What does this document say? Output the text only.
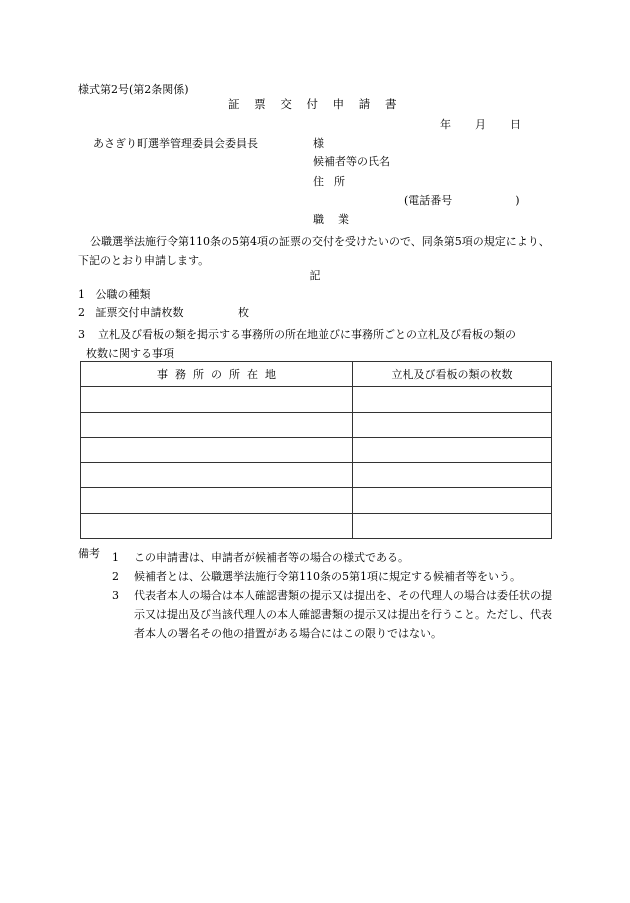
様式第2号(第2条関係)
証 票 交 付 申 請 書
年 月 日
あさぎり町選挙管理委員会委員長	様
候補者等の氏名
住 所
(電話番号                  )
職    業
公職選挙法施行令第110条の5第4項の証票の交付を受けたいので、同条第5項の規定により、下記のとおり申請します。
記
1   公職の種類
2   証票交付申請枚数	枚
3 立札及び看板の類を掲示する事務所の所在地並びに事務所ごとの立札及び看板の類の
枚数に関する事項
事  務  所  の  所  在  地	立札及び看板の類の枚数

備考 1 この申請書は、申請者が候補者等の場合の様式である。
2 候補者とは、公職選挙法施行令第110条の5第1項に規定する候補者等をいう。
3 代表者本人の場合は本人確認書類の提示又は提出を、その代理人の場合は委任状の提示又は提出及び当該代理人の本人確認書類の提示又は提出を行うこと。ただし、代表者本人の署名その他の措置がある場合にはこの限りではない。
